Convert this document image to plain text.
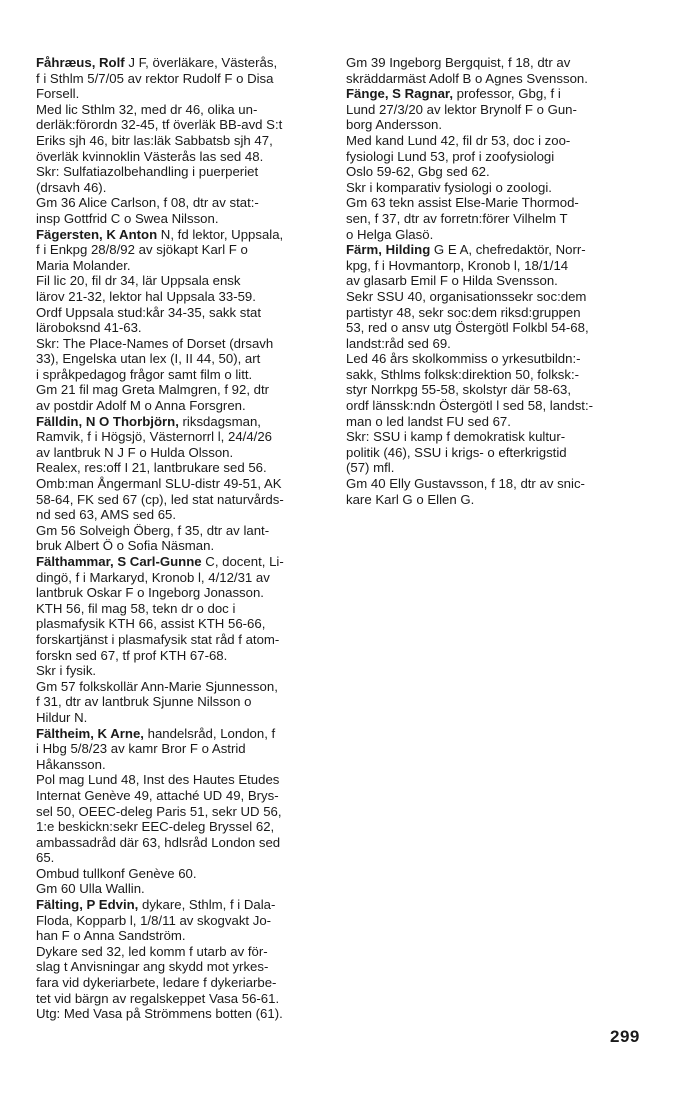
Fåhræus, Rolf J F, överläkare, Västerås,
f i Sthlm 5/7/05 av rektor Rudolf F o Disa
Forsell.
Med lic Sthlm 32, med dr 46, olika un-
derläk:förordn 32-45, tf överläk BB-avd S:t
Eriks sjh 46, bitr las:läk Sabbatsb sjh 47,
överläk kvinnoklin Västerås las sed 48.
Skr: Sulfatiazolbehandling i puerperiet
(drsavh 46).
Gm 36 Alice Carlson, f 08, dtr av stat:-
insp Gottfrid C o Swea Nilsson.
Fägersten, K Anton N, fd lektor, Uppsala,
f i Enkpg 28/8/92 av sjökapt Karl F o
Maria Molander.
Fil lic 20, fil dr 34, lär Uppsala ensk
lärov 21-32, lektor hal Uppsala 33-59.
Ordf Uppsala stud:kår 34-35, sakk stat
läroboksnd 41-63.
Skr: The Place-Names of Dorset (drsavh
33), Engelska utan lex (I, II 44, 50), art
i språkpedagog frågor samt film o litt.
Gm 21 fil mag Greta Malmgren, f 92, dtr
av postdir Adolf M o Anna Forsgren.
Fälldin, N O Thorbjörn, riksdagsman,
Ramvik, f i Högsjö, Västernorrl l, 24/4/26
av lantbruk N J F o Hulda Olsson.
Realex, res:off I 21, lantbrukare sed 56.
Omb:man Ångermanl SLU-distr 49-51, AK
58-64, FK sed 67 (cp), led stat naturvårds-
nd sed 63, AMS sed 65.
Gm 56 Solveigh Öberg, f 35, dtr av lant-
bruk Albert Ö o Sofia Näsman.
Fälthammar, S Carl-Gunne C, docent, Li-
dingö, f i Markaryd, Kronob l, 4/12/31 av
lantbruk Oskar F o Ingeborg Jonasson.
KTH 56, fil mag 58, tekn dr o doc i
plasmafysik KTH 66, assist KTH 56-66,
forskartjänst i plasmafysik stat råd f atom-
forskn sed 67, tf prof KTH 67-68.
Skr i fysik.
Gm 57 folkskollär Ann-Marie Sjunnesson,
f 31, dtr av lantbruk Sjunne Nilsson o
Hildur N.
Fältheim, K Arne, handelsråd, London, f
i Hbg 5/8/23 av kamr Bror F o Astrid
Håkansson.
Pol mag Lund 48, Inst des Hautes Etudes
Internat Genève 49, attaché UD 49, Brys-
sel 50, OEEC-deleg Paris 51, sekr UD 56,
1:e beskickn:sekr EEC-deleg Bryssel 62,
ambassadråd där 63, hdlsråd London sed
65.
Ombud tullkonf Genève 60.
Gm 60 Ulla Wallin.
Fälting, P Edvin, dykare, Sthlm, f i Dala-
Floda, Kopparb l, 1/8/11 av skogvakt Jo-
han F o Anna Sandström.
Dykare sed 32, led komm f utarb av för-
slag t Anvisningar ang skydd mot yrkes-
fara vid dykeriarbete, ledare f dykeriarbe-
tet vid bärgn av regalskeppet Vasa 56-61.
Utg: Med Vasa på Strömmens botten (61).
Gm 39 Ingeborg Bergquist, f 18, dtr av
skräddarmäst Adolf B o Agnes Svensson.
Fänge, S Ragnar, professor, Gbg, f i
Lund 27/3/20 av lektor Brynolf F o Gun-
borg Andersson.
Med kand Lund 42, fil dr 53, doc i zoo-
fysiologi Lund 53, prof i zoofysiologi
Oslo 59-62, Gbg sed 62.
Skr i komparativ fysiologi o zoologi.
Gm 63 tekn assist Else-Marie Thormod-
sen, f 37, dtr av forretn:förer Vilhelm T
o Helga Glasö.
Färm, Hilding G E A, chefredaktör, Norr-
kpg, f i Hovmantorp, Kronob l, 18/1/14
av glasarb Emil F o Hilda Svensson.
Sekr SSU 40, organisationssekr soc:dem
partistyr 48, sekr soc:dem riksd:gruppen
53, red o ansv utg Östergötl Folkbl 54-68,
landst:råd sed 69.
Led 46 års skolkommiss o yrkesutbildn:-
sakk, Sthlms folksk:direktion 50, folksk:-
styr Norrkpg 55-58, skolstyr där 58-63,
ordf länssk:ndn Östergötl l sed 58, landst:-
man o led landst FU sed 67.
Skr: SSU i kamp f demokratisk kultur-
politik (46), SSU i krigs- o efterkrigstid
(57) mfl.
Gm 40 Elly Gustavsson, f 18, dtr av snic-
kare Karl G o Ellen G.
299
